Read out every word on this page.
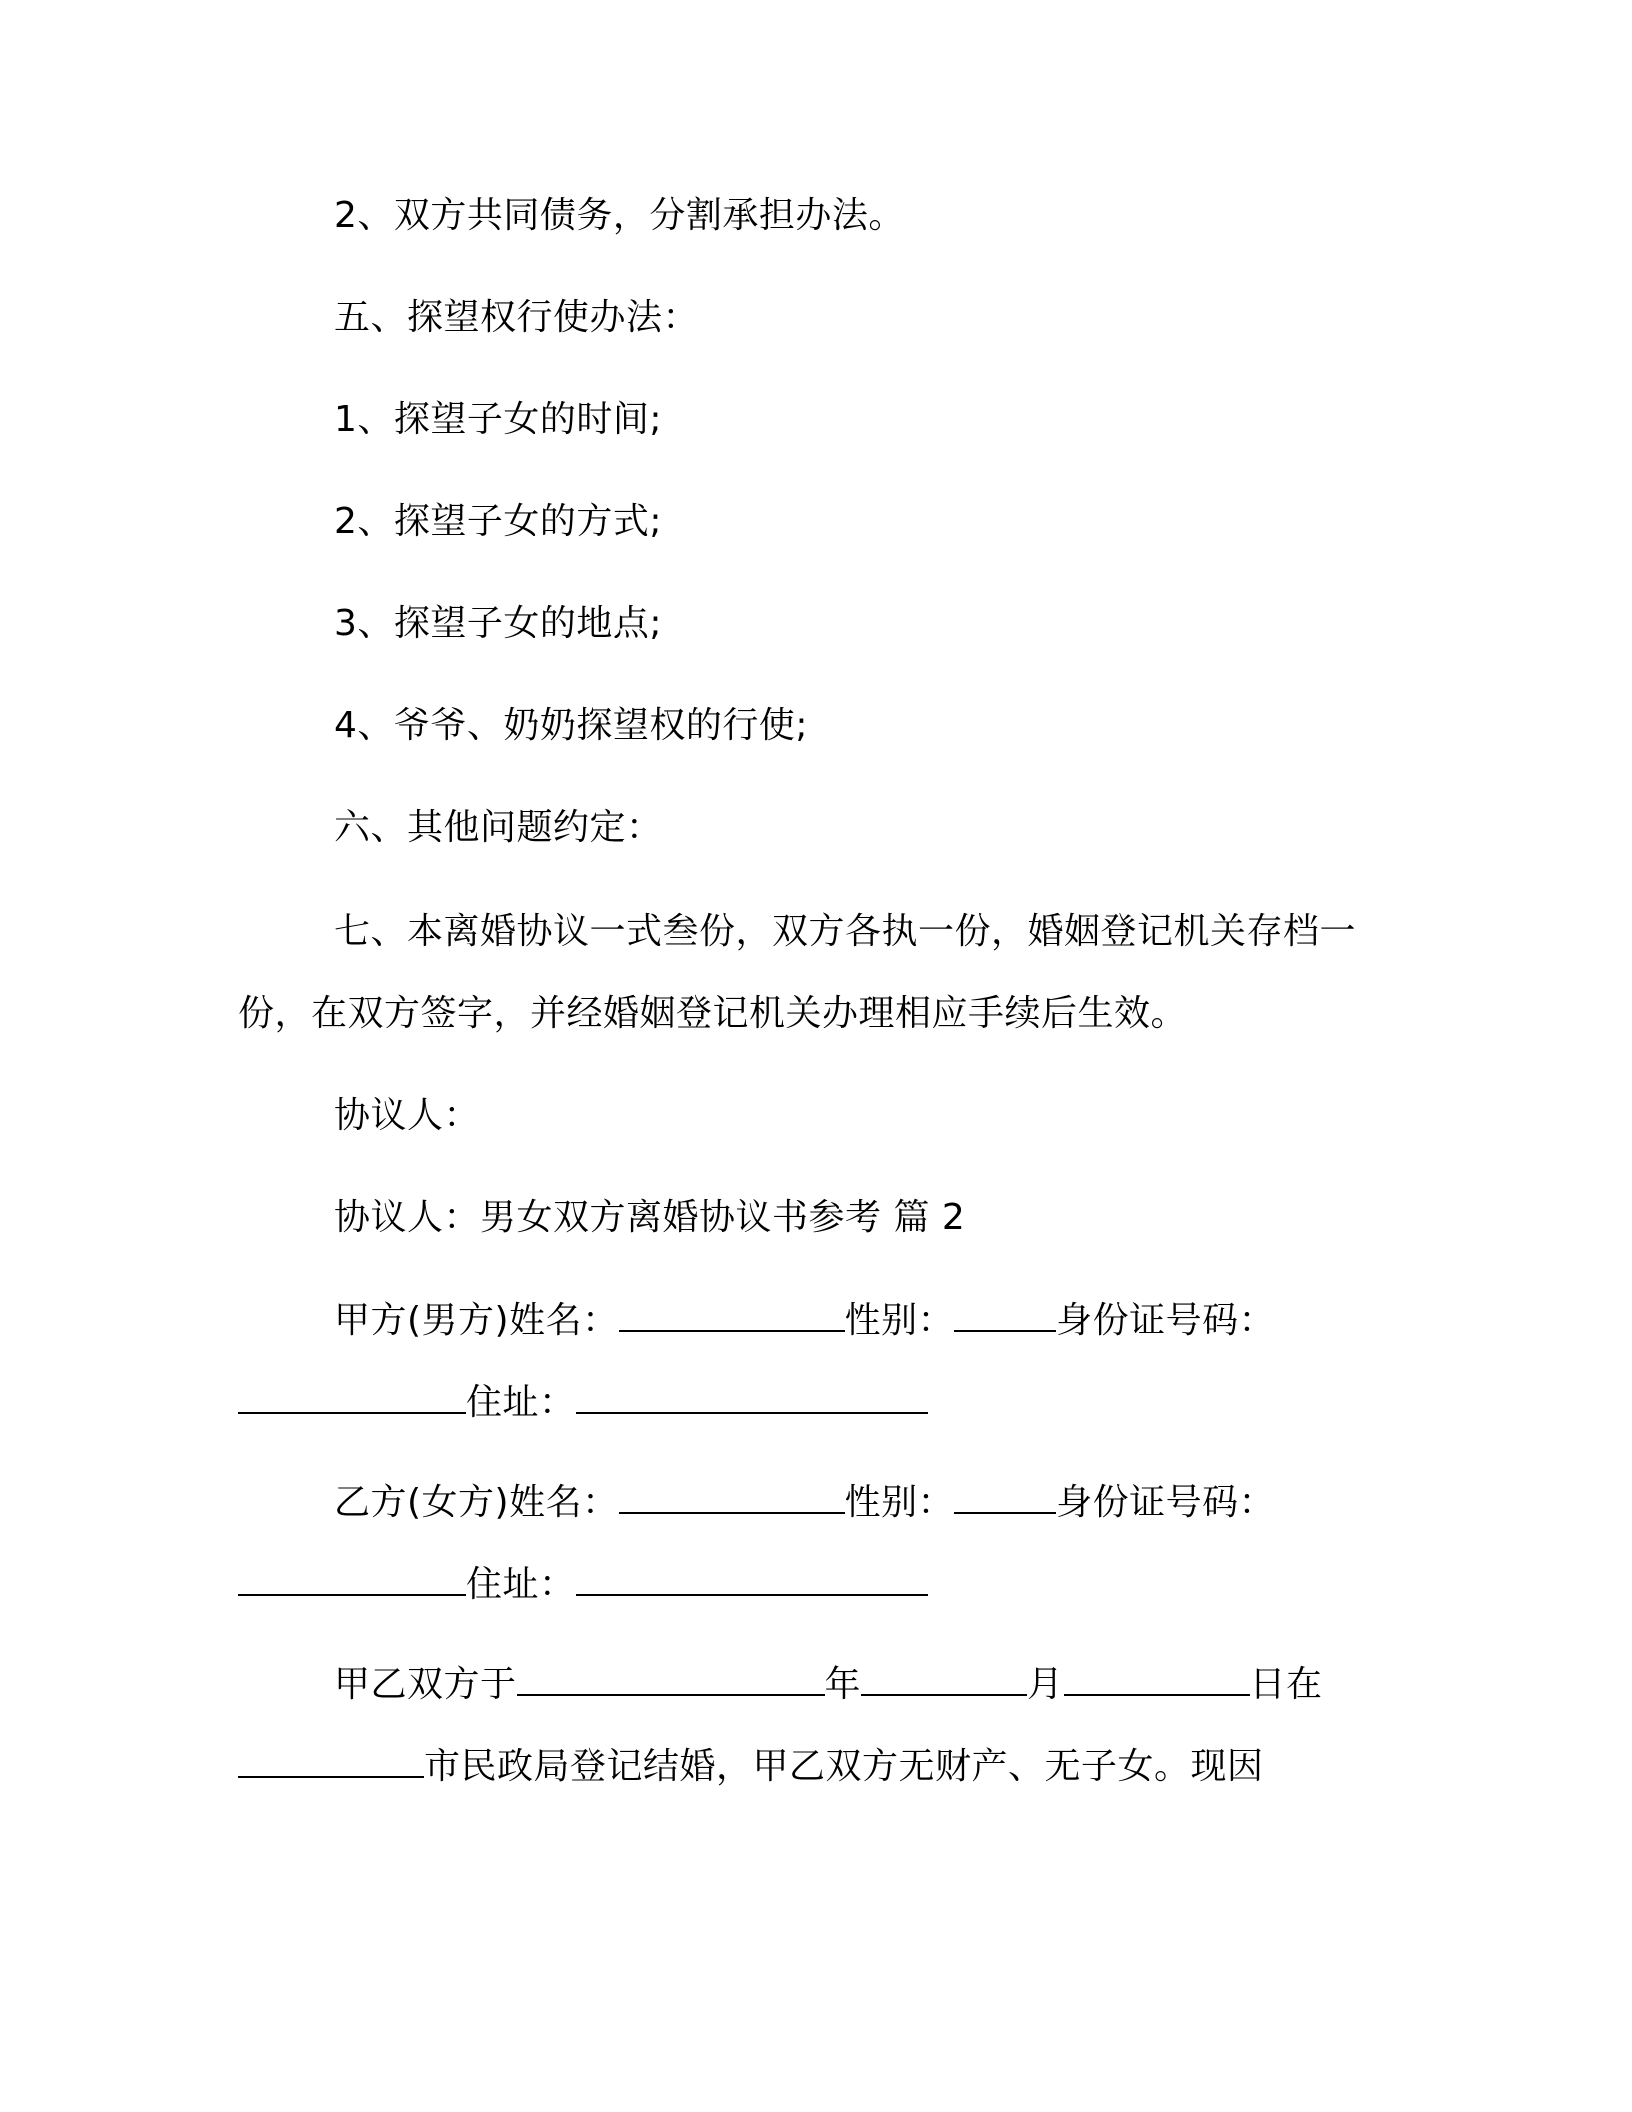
2、双方共同债务，分割承担办法。
五、探望权行使办法：
1、探望子女的时间;
2、探望子女的方式;
3、探望子女的地点;
4、爷爷、奶奶探望权的行使;
六、其他问题约定：
七、本离婚协议一式叁份，双方各执一份，婚姻登记机关存档一
份，在双方签字，并经婚姻登记机关办理相应手续后生效。
协议人：
协议人：男女双方离婚协议书参考 篇 2
甲方(男方)姓名：	性别：	身份证号码：
住址：
乙方(女方)姓名：	性别：	身份证号码：
住址：
甲乙双方于	年	月	日在
市民政局登记结婚，甲乙双方无财产、无子女。现因
